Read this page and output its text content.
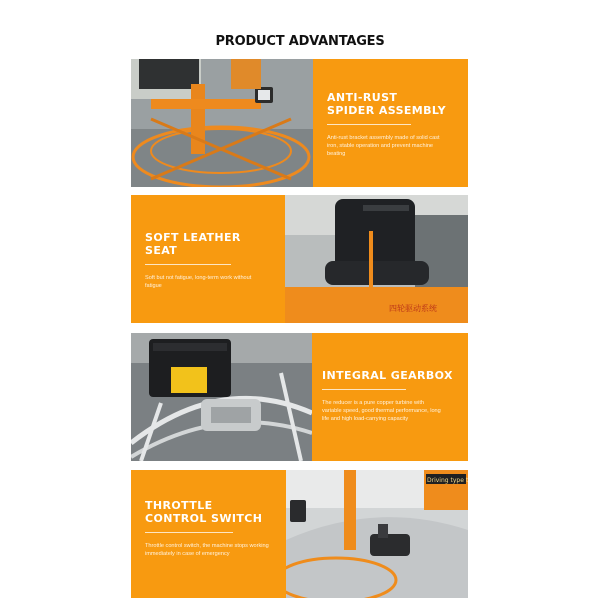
PRODUCT ADVANTAGES
ANTI-RUST SPIDER ASSEMBLY
Anti-rust bracket assembly made of solid cast iron, stable operation and prevent machine beating
SOFT LEATHER SEAT
Soft but not fatigue, long-term work without fatigue
四轮驱动系统
INTEGRAL GEARBOX
The reducer is a pure copper turbine with variable speed, good thermal performance, long life and high load-carrying capacity
THROTTLE CONTROL SWITCH
Throttle control switch, the machine stops working immediately in case of emergency
Driving type t
